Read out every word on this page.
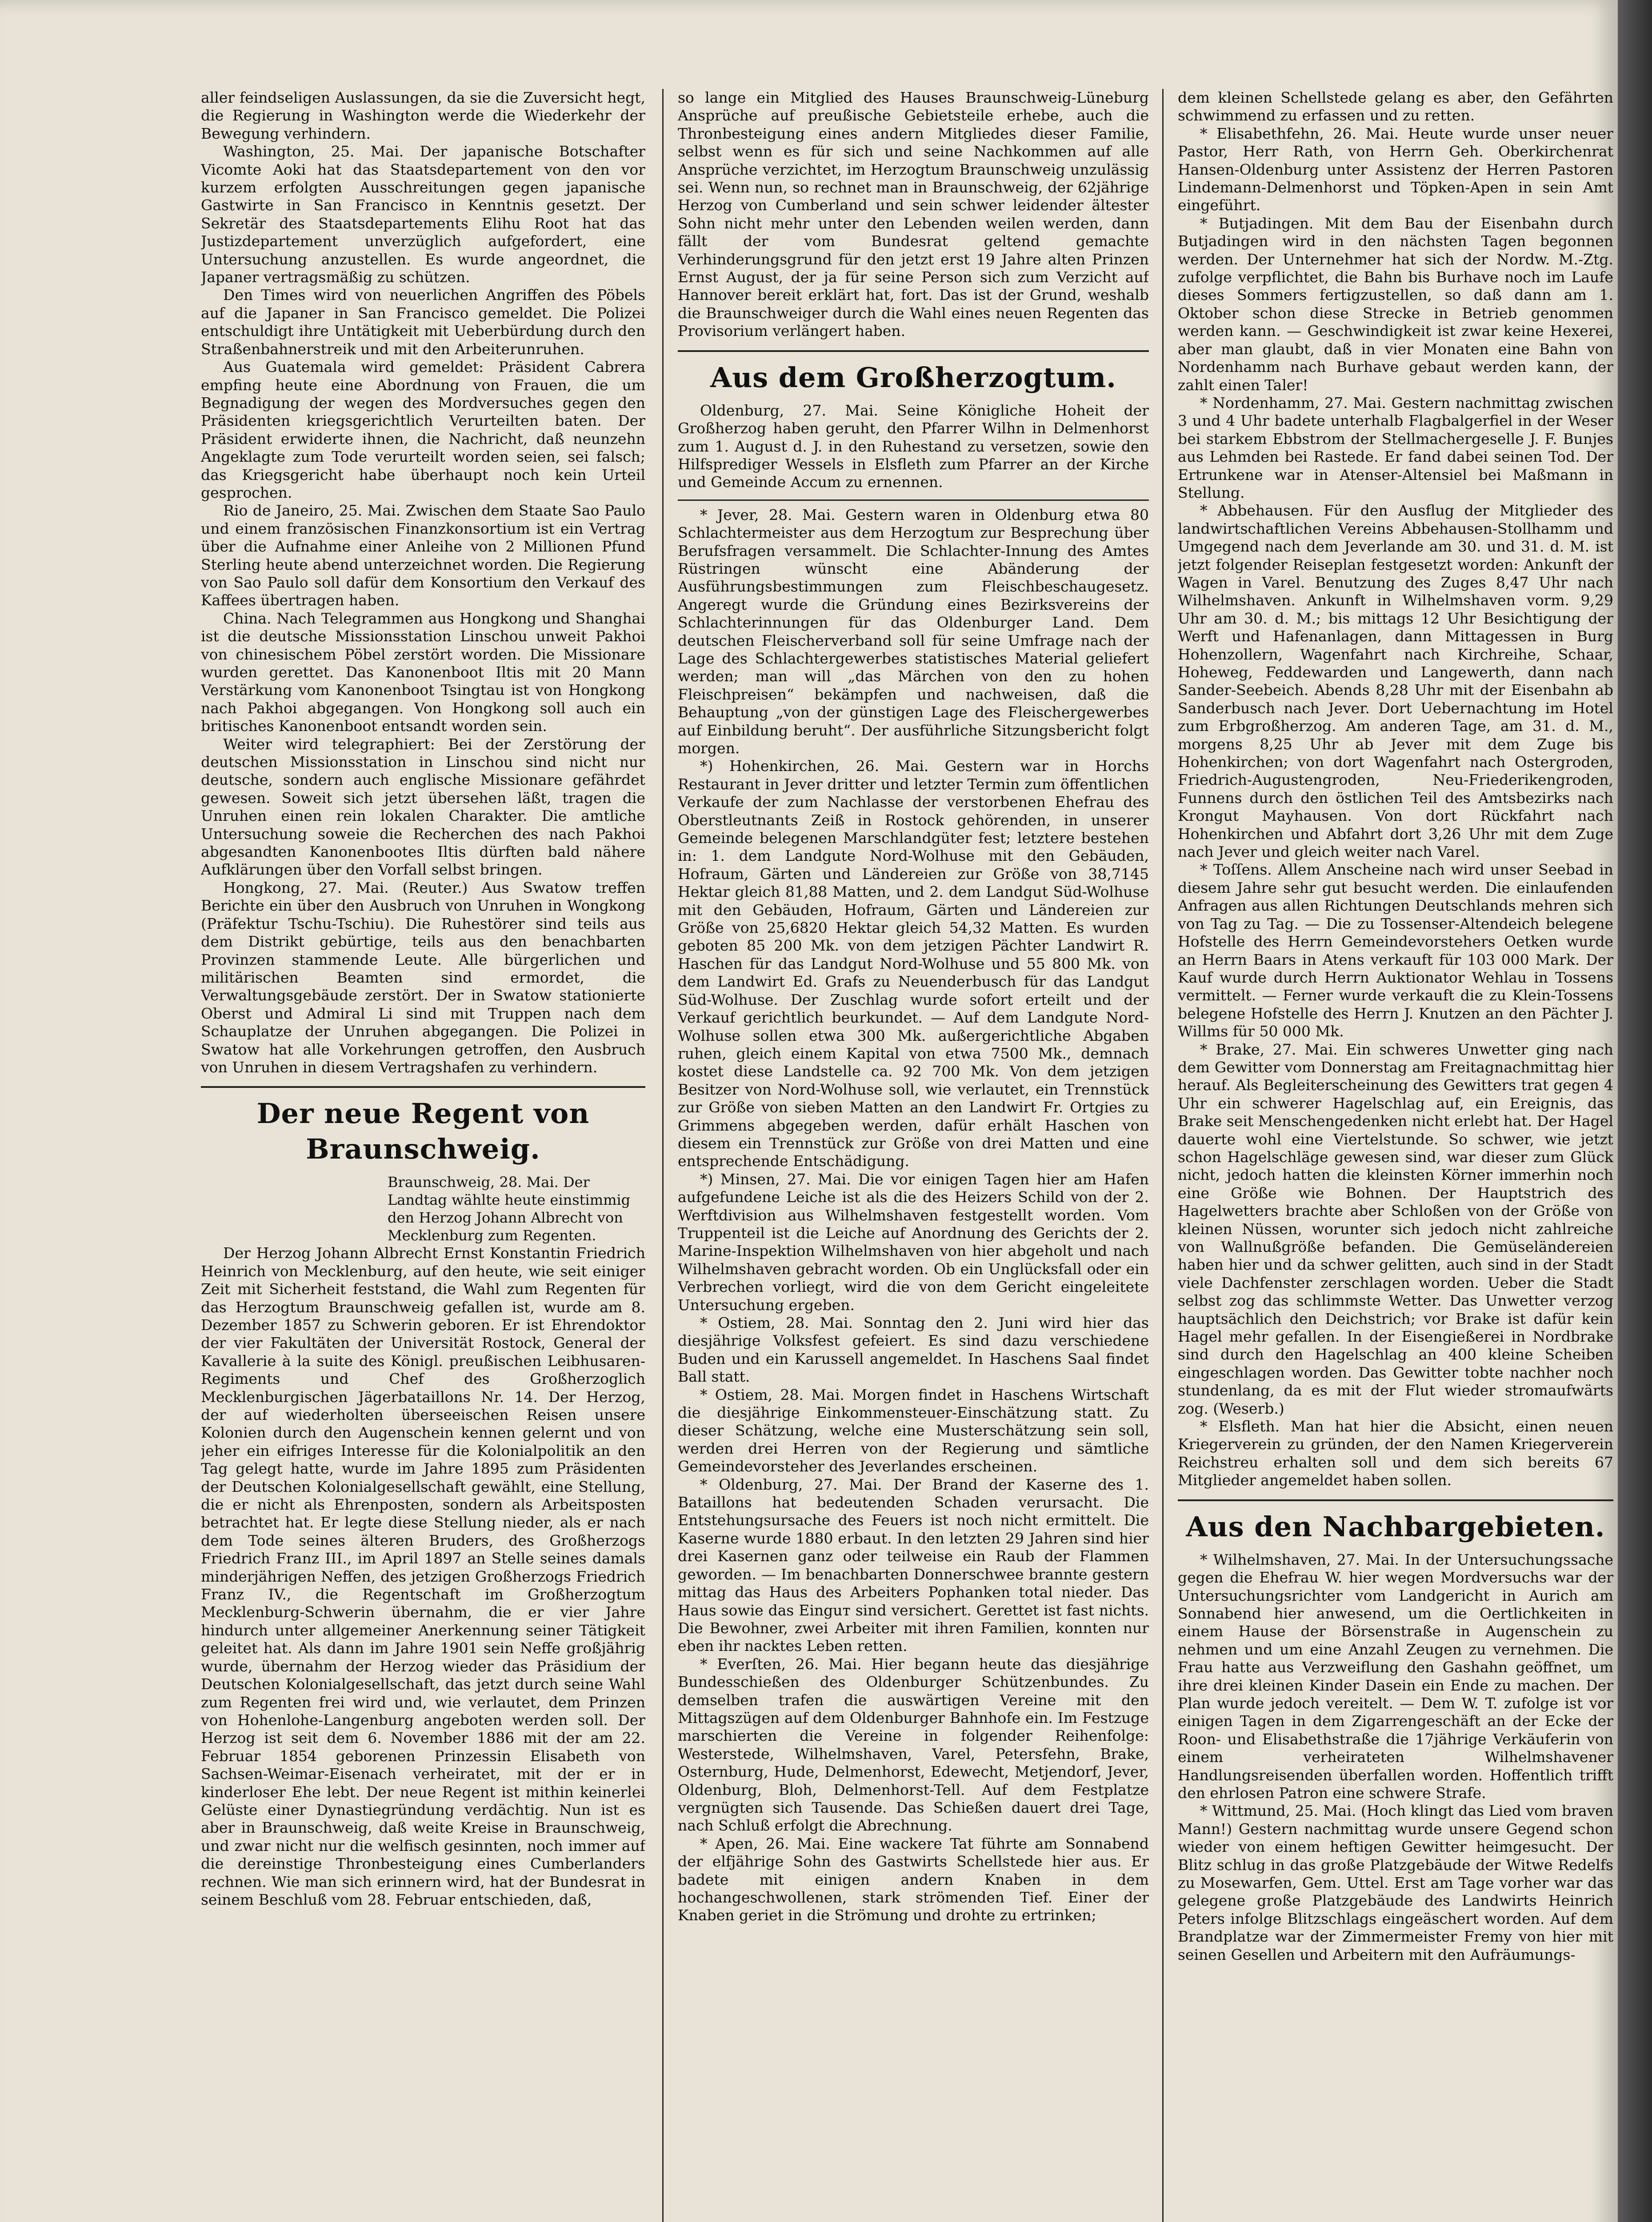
aller feindseligen Auslassungen, da sie die Zuversicht hegt, die Regierung in Washington werde die Wiederkehr der Bewegung verhindern.

Washington, 25. Mai. Der japanische Botschafter Vicomte Aoki hat das Staatsdepartement von den vor kurzem erfolgten Ausschreitungen gegen japanische Gastwirte in San Francisco in Kenntnis gesetzt. Der Sekretär des Staatsdepartements Elihu Root hat das Justizdepartement unverzüglich aufgefordert, eine Untersuchung anzustellen. Es wurde angeordnet, die Japaner vertragsmäßig zu schützen.

Den Times wird von neuerlichen Angriffen des Pöbels auf die Japaner in San Francisco gemeldet. Die Polizei entschuldigt ihre Untätigkeit mit Ueberbürdung durch den Straßenbahnerstreik und mit den Arbeiterunruhen.

Aus Guatemala wird gemeldet: Präsident Cabrera empfing heute eine Abordnung von Frauen, die um Begnadigung der wegen des Mordversuches gegen den Präsidenten kriegsgerichtlich Verurteilten baten. Der Präsident erwiderte ihnen, die Nachricht, daß neunzehn Angeklagte zum Tode verurteilt worden seien, sei falsch; das Kriegsgericht habe überhaupt noch kein Urteil gesprochen.

Rio de Janeiro, 25. Mai. Zwischen dem Staate Sao Paulo und einem französischen Finanzkonsortium ist ein Vertrag über die Aufnahme einer Anleihe von 2 Millionen Pfund Sterling heute abend unterzeichnet worden. Die Regierung von Sao Paulo soll dafür dem Konsortium den Verkauf des Kaffees übertragen haben.

China. Nach Telegrammen aus Hongkong und Shanghai ist die deutsche Missionsstation Linschou unweit Pakhoi von chinesischem Pöbel zerstört worden. Die Missionare wurden gerettet. Das Kanonenboot Iltis mit 20 Mann Verstärkung vom Kanonenboot Tsingtau ist von Hongkong nach Pakhoi abgegangen. Von Hongkong soll auch ein britisches Kanonenboot entsandt worden sein.

Weiter wird telegraphiert: Bei der Zerstörung der deutschen Missionsstation in Linschou sind nicht nur deutsche, sondern auch englische Missionare gefährdet gewesen. Soweit sich jetzt übersehen läßt, tragen die Unruhen einen rein lokalen Charakter. Die amtliche Untersuchung soweie die Recherchen des nach Pakhoi abgesandten Kanonenbootes Iltis dürften bald nähere Aufklärungen über den Vorfall selbst bringen.

Hongkong, 27. Mai. (Reuter.) Aus Swatow treffen Berichte ein über den Ausbruch von Unruhen in Wongkong (Präfektur Tschu-Tschiu). Die Ruhestörer sind teils aus dem Distrikt gebürtige, teils aus den benachbarten Provinzen stammende Leute. Alle bürgerlichen und militärischen Beamten sind ermordet, die Verwaltungsgebäude zerstört. Der in Swatow stationierte Oberst und Admiral Li sind mit Truppen nach dem Schauplatze der Unruhen abgegangen. Die Polizei in Swatow hat alle Vorkehrungen getroffen, den Ausbruch von Unruhen in diesem Vertragshafen zu verhindern.

Der neue Regent von Braunschweig.

Braunschweig, 28. Mai. Der Landtag wählte heute einstimmig den Herzog Johann Albrecht von Mecklenburg zum Regenten.

Der Herzog Johann Albrecht Ernst Konstantin Friedrich Heinrich von Mecklenburg, auf den heute, wie seit einiger Zeit mit Sicherheit feststand, die Wahl zum Regenten für das Herzogtum Braunschweig gefallen ist, wurde am 8. Dezember 1857 zu Schwerin geboren. Er ist Ehrendoktor der vier Fakultäten der Universität Rostock, General der Kavallerie à la suite des Königl. preußischen Leibhusaren-Regiments und Chef des Großherzoglich Mecklenburgischen Jägerbataillons Nr. 14. Der Herzog, der auf wiederholten überseeischen Reisen unsere Kolonien durch den Augenschein kennen gelernt und von jeher ein eifriges Interesse für die Kolonialpolitik an den Tag gelegt hatte, wurde im Jahre 1895 zum Präsidenten der Deutschen Kolonialgesellschaft gewählt, eine Stellung, die er nicht als Ehrenposten, sondern als Arbeitsposten betrachtet hat. Er legte diese Stellung nieder, als er nach dem Tode seines älteren Bruders, des Großherzogs Friedrich Franz III., im April 1897 an Stelle seines damals minderjährigen Neffen, des jetzigen Großherzogs Friedrich Franz IV., die Regentschaft im Großherzogtum Mecklenburg-Schwerin übernahm, die er vier Jahre hindurch unter allgemeiner Anerkennung seiner Tätigkeit geleitet hat. Als dann im Jahre 1901 sein Neffe großjährig wurde, übernahm der Herzog wieder das Präsidium der Deutschen Kolonialgesellschaft, das jetzt durch seine Wahl zum Regenten frei wird und, wie verlautet, dem Prinzen von Hohenlohe-Langenburg angeboten werden soll. Der Herzog ist seit dem 6. November 1886 mit der am 22. Februar 1854 geborenen Prinzessin Elisabeth von Sachsen-Weimar-Eisenach verheiratet, mit der er in kinderloser Ehe lebt. Der neue Regent ist mithin keinerlei Gelüste einer Dynastiegründung verdächtig. Nun ist es aber in Braunschweig, daß weite Kreise in Braunschweig, und zwar nicht nur die welfisch gesinnten, noch immer auf die dereinstige Thronbesteigung eines Cumberlanders rechnen. Wie man sich erinnern wird, hat der Bundesrat in seinem Beschluß vom 28. Februar entschieden, daß,

so lange ein Mitglied des Hauses Braunschweig-Lüneburg Ansprüche auf preußische Gebietsteile erhebe, auch die Thronbesteigung eines andern Mitgliedes dieser Familie, selbst wenn es für sich und seine Nachkommen auf alle Ansprüche verzichtet, im Herzogtum Braunschweig unzulässig sei. Wenn nun, so rechnet man in Braunschweig, der 62jährige Herzog von Cumberland und sein schwer leidender ältester Sohn nicht mehr unter den Lebenden weilen werden, dann fällt der vom Bundesrat geltend gemachte Verhinderungsgrund für den jetzt erst 19 Jahre alten Prinzen Ernst August, der ja für seine Person sich zum Verzicht auf Hannover bereit erklärt hat, fort. Das ist der Grund, weshalb die Braunschweiger durch die Wahl eines neuen Regenten das Provisorium verlängert haben.

Aus dem Großherzogtum.

Oldenburg, 27. Mai. Seine Königliche Hoheit der Großherzog haben geruht, den Pfarrer Wilhn in Delmenhorst zum 1. August d. J. in den Ruhestand zu versetzen, sowie den Hilfsprediger Wessels in Elsfleth zum Pfarrer an der Kirche und Gemeinde Accum zu ernennen.

* Jever, 28. Mai. Gestern waren in Oldenburg etwa 80 Schlachtermeister aus dem Herzogtum zur Besprechung über Berufsfragen versammelt. Die Schlachter-Innung des Amtes Rüstringen wünscht eine Abänderung der Ausführungsbestimmungen zum Fleischbeschaugesetz. Angeregt wurde die Gründung eines Bezirksvereins der Schlachterinnungen für das Oldenburger Land. Dem deutschen Fleischerverband soll für seine Umfrage nach der Lage des Schlachtergewerbes statistisches Material geliefert werden; man will „das Märchen von den zu hohen Fleischpreisen“ bekämpfen und nachweisen, daß die Behauptung „von der günstigen Lage des Fleischergewerbes auf Einbildung beruht“. Der ausführliche Sitzungsbericht folgt morgen.

*) Hohenkirchen, 26. Mai. Gestern war in Horchs Restaurant in Jever dritter und letzter Termin zum öffentlichen Verkaufe der zum Nachlasse der verstorbenen Ehefrau des Oberstleutnants Zeiß in Rostock gehörenden, in unserer Gemeinde belegenen Marschlandgüter fest; letztere bestehen in: 1. dem Landgute Nord-Wolhuse mit den Gebäuden, Hofraum, Gärten und Ländereien zur Größe von 38,7145 Hektar gleich 81,88 Matten, und 2. dem Landgut Süd-Wolhuse mit den Gebäuden, Hofraum, Gärten und Ländereien zur Größe von 25,6820 Hektar gleich 54,32 Matten. Es wurden geboten 85 200 Mk. von dem jetzigen Pächter Landwirt R. Haschen für das Landgut Nord-Wolhuse und 55 800 Mk. von dem Landwirt Ed. Grafs zu Neuenderbusch für das Landgut Süd-Wolhuse. Der Zuschlag wurde sofort erteilt und der Verkauf gerichtlich beurkundet. — Auf dem Landgute Nord-Wolhuse sollen etwa 300 Mk. außergerichtliche Abgaben ruhen, gleich einem Kapital von etwa 7500 Mk., demnach kostet diese Landstelle ca. 92 700 Mk. Von dem jetzigen Besitzer von Nord-Wolhuse soll, wie verlautet, ein Trennstück zur Größe von sieben Matten an den Landwirt Fr. Ortgies zu Grimmens abgegeben werden, dafür erhält Haschen von diesem ein Trennstück zur Größe von drei Matten und eine entsprechende Entschädigung.

*) Minsen, 27. Mai. Die vor einigen Tagen hier am Hafen aufgefundene Leiche ist als die des Heizers Schild von der 2. Werftdivision aus Wilhelmshaven festgestellt worden. Vom Truppenteil ist die Leiche auf Anordnung des Gerichts der 2. Marine-Inspektion Wilhelmshaven von hier abgeholt und nach Wilhelmshaven gebracht worden. Ob ein Unglücksfall oder ein Verbrechen vorliegt, wird die von dem Gericht eingeleitete Untersuchung ergeben.

* Ostiem, 28. Mai. Sonntag den 2. Juni wird hier das diesjährige Volksfest gefeiert. Es sind dazu verschiedene Buden und ein Karussell angemeldet. In Haschens Saal findet Ball statt.

* Ostiem, 28. Mai. Morgen findet in Haschens Wirtschaft die diesjährige Einkommensteuer-Einschätzung statt. Zu dieser Schätzung, welche eine Musterschätzung sein soll, werden drei Herren von der Regierung und sämtliche Gemeindevorsteher des Jeverlandes erscheinen.

* Oldenburg, 27. Mai. Der Brand der Kaserne des 1. Bataillons hat bedeutenden Schaden verursacht. Die Entstehungsursache des Feuers ist noch nicht ermittelt. Die Kaserne wurde 1880 erbaut. In den letzten 29 Jahren sind hier drei Kasernen ganz oder teilweise ein Raub der Flammen geworden. — Im benachbarten Donnerschwee brannte gestern mittag das Haus des Arbeiters Pophanken total nieder. Das Haus sowie das Einguт sind versichert. Gerettet ist fast nichts. Die Bewohner, zwei Arbeiter mit ihren Familien, konnten nur eben ihr nacktes Leben retten.

* Everſten, 26. Mai. Hier begann heute das diesjährige Bundesschießen des Oldenburger Schützenbundes. Zu demselben trafen die auswärtigen Vereine mit den Mittagszügen auf dem Oldenburger Bahnhofe ein. Im Festzuge marschierten die Vereine in folgender Reihenfolge: Westerstede, Wilhelmshaven, Varel, Petersfehn, Brake, Osternburg, Hude, Delmenhorst, Edewecht, Metjendorf, Jever, Oldenburg, Bloh, Delmenhorst-Tell. Auf dem Festplatze vergnügten sich Tausende. Das Schießen dauert drei Tage, nach Schluß erfolgt die Abrechnung.

* Apen, 26. Mai. Eine wackere Tat führte am Sonnabend der elfjährige Sohn des Gastwirts Schellstede hier aus. Er badete mit einigen andern Knaben in dem hochangeschwollenen, stark strömenden Tief. Einer der Knaben geriet in die Strömung und drohte zu ertrinken;

dem kleinen Schellstede gelang es aber, den Gefährten schwimmend zu erfassen und zu retten.

* Elisabethfehn, 26. Mai. Heute wurde unser neuer Pastor, Herr Rath, von Herrn Geh. Oberkirchenrat Hansen-Oldenburg unter Assistenz der Herren Pastoren Lindemann-Delmenhorst und Töpken-Apen in sein Amt eingeführt.

* Butjadingen. Mit dem Bau der Eisenbahn durch Butjadingen wird in den nächsten Tagen begonnen werden. Der Unternehmer hat sich der Nordw. M.-Ztg. zufolge verpflichtet, die Bahn bis Burhave noch im Laufe dieses Sommers fertigzustellen, so daß dann am 1. Oktober schon diese Strecke in Betrieb genommen werden kann. — Geschwindigkeit ist zwar keine Hexerei, aber man glaubt, daß in vier Monaten eine Bahn von Nordenhamm nach Burhave gebaut werden kann, der zahlt einen Taler!

* Nordenhamm, 27. Mai. Gestern nachmittag zwischen 3 und 4 Uhr badete unterhalb Flagbalgerfiel in der Weser bei starkem Ebbstrom der Stellmachergeselle J. F. Bunjes aus Lehmden bei Rastede. Er fand dabei seinen Tod. Der Ertrunkene war in Atenser-Altensiel bei Maßmann in Stellung.

* Abbehausen. Für den Ausflug der Mitglieder des landwirtschaftlichen Vereins Abbehausen-Stollhamm und Umgegend nach dem Jeverlande am 30. und 31. d. M. ist jetzt folgender Reiseplan festgesetzt worden: Ankunft der Wagen in Varel. Benutzung des Zuges 8,47 Uhr nach Wilhelmshaven. Ankunft in Wilhelmshaven vorm. 9,29 Uhr am 30. d. M.; bis mittags 12 Uhr Besichtigung der Werft und Hafenanlagen, dann Mittagessen in Burg Hohenzollern, Wagenfahrt nach Kirchreihe, Schaar, Hoheweg, Feddewarden und Langewerth, dann nach Sander-Seebeich. Abends 8,28 Uhr mit der Eisenbahn ab Sanderbusch nach Jever. Dort Uebernachtung im Hotel zum Erbgroßherzog. Am anderen Tage, am 31. d. M., morgens 8,25 Uhr ab Jever mit dem Zuge bis Hohenkirchen; von dort Wagenfahrt nach Ostergroden, Friedrich-Augustengroden, Neu-Friederikengroden, Funnens durch den östlichen Teil des Amtsbezirks nach Krongut Mayhausen. Von dort Rückfahrt nach Hohenkirchen und Abfahrt dort 3,26 Uhr mit dem Zuge nach Jever und gleich weiter nach Varel.

* Toſſens. Allem Anscheine nach wird unser Seebad in diesem Jahre sehr gut besucht werden. Die einlaufenden Anfragen aus allen Richtungen Deutschlands mehren sich von Tag zu Tag. — Die zu Tossenser-Altendeich belegene Hofstelle des Herrn Gemeindevorstehers Oetken wurde an Herrn Baars in Atens verkauft für 103 000 Mark. Der Kauf wurde durch Herrn Auktionator Wehlau in Tossens vermittelt. — Ferner wurde verkauft die zu Klein-Tossens belegene Hofstelle des Herrn J. Knutzen an den Pächter J. Willms für 50 000 Mk.

* Brake, 27. Mai. Ein schweres Unwetter ging nach dem Gewitter vom Donnerstag am Freitagnachmittag hier herauf. Als Begleiterscheinung des Gewitters trat gegen 4 Uhr ein schwerer Hagelschlag auf, ein Ereignis, das Brake seit Menschengedenken nicht erlebt hat. Der Hagel dauerte wohl eine Viertelstunde. So schwer, wie jetzt schon Hagelschläge gewesen sind, war dieser zum Glück nicht, jedoch hatten die kleinsten Körner immerhin noch eine Größe wie Bohnen. Der Hauptstrich des Hagelwetters brachte aber Schloßen von der Größe von kleinen Nüssen, worunter sich jedoch nicht zahlreiche von Wallnußgröße befanden. Die Gemüseländereien haben hier und da schwer gelitten, auch sind in der Stadt viele Dachfenster zerschlagen worden. Ueber die Stadt selbst zog das schlimmste Wetter. Das Unwetter verzog hauptsächlich den Deichstrich; vor Brake ist dafür kein Hagel mehr gefallen. In der Eisengießerei in Nordbrake sind durch den Hagelschlag an 400 kleine Scheiben eingeschlagen worden. Das Gewitter tobte nachher noch stundenlang, da es mit der Flut wieder stromaufwärts zog. (Weserb.)

* Elsfleth. Man hat hier die Absicht, einen neuen Kriegerverein zu gründen, der den Namen Kriegerverein Reichstreu erhalten soll und dem sich bereits 67 Mitglieder angemeldet haben sollen.

Aus den Nachbargebieten.

* Wilhelmshaven, 27. Mai. In der Untersuchungssache gegen die Ehefrau W. hier wegen Mordversuchs war der Untersuchungsrichter vom Landgericht in Aurich am Sonnabend hier anwesend, um die Oertlichkeiten in einem Hause der Börsenstraße in Augenschein zu nehmen und um eine Anzahl Zeugen zu vernehmen. Die Frau hatte aus Verzweiflung den Gashahn geöffnet, um ihre drei kleinen Kinder Dasein ein Ende zu machen. Der Plan wurde jedoch vereitelt. — Dem W. T. zufolge ist vor einigen Tagen in dem Zigarrengeschäft an der Ecke der Roon- und Elisabethstraße die 17jährige Verkäuferin von einem verheirateten Wilhelmshavener Handlungsreisenden überfallen worden. Hoffentlich trifft den ehrlosen Patron eine schwere Strafe.

* Wittmund, 25. Mai. (Hoch klingt das Lied vom braven Mann!) Gestern nachmittag wurde unsere Gegend schon wieder von einem heftigen Gewitter heimgesucht. Der Blitz schlug in das große Platzgebäude der Witwe Redelfs zu Mosewarfen, Gem. Uttel. Erst am Tage vorher war das gelegene große Platzgebäude des Landwirts Heinrich Peters infolge Blitzschlags eingeäschert worden. Auf dem Brandplatze war der Zimmermeister Fremy von hier mit seinen Gesellen und Arbeitern mit den Aufräumungs-
